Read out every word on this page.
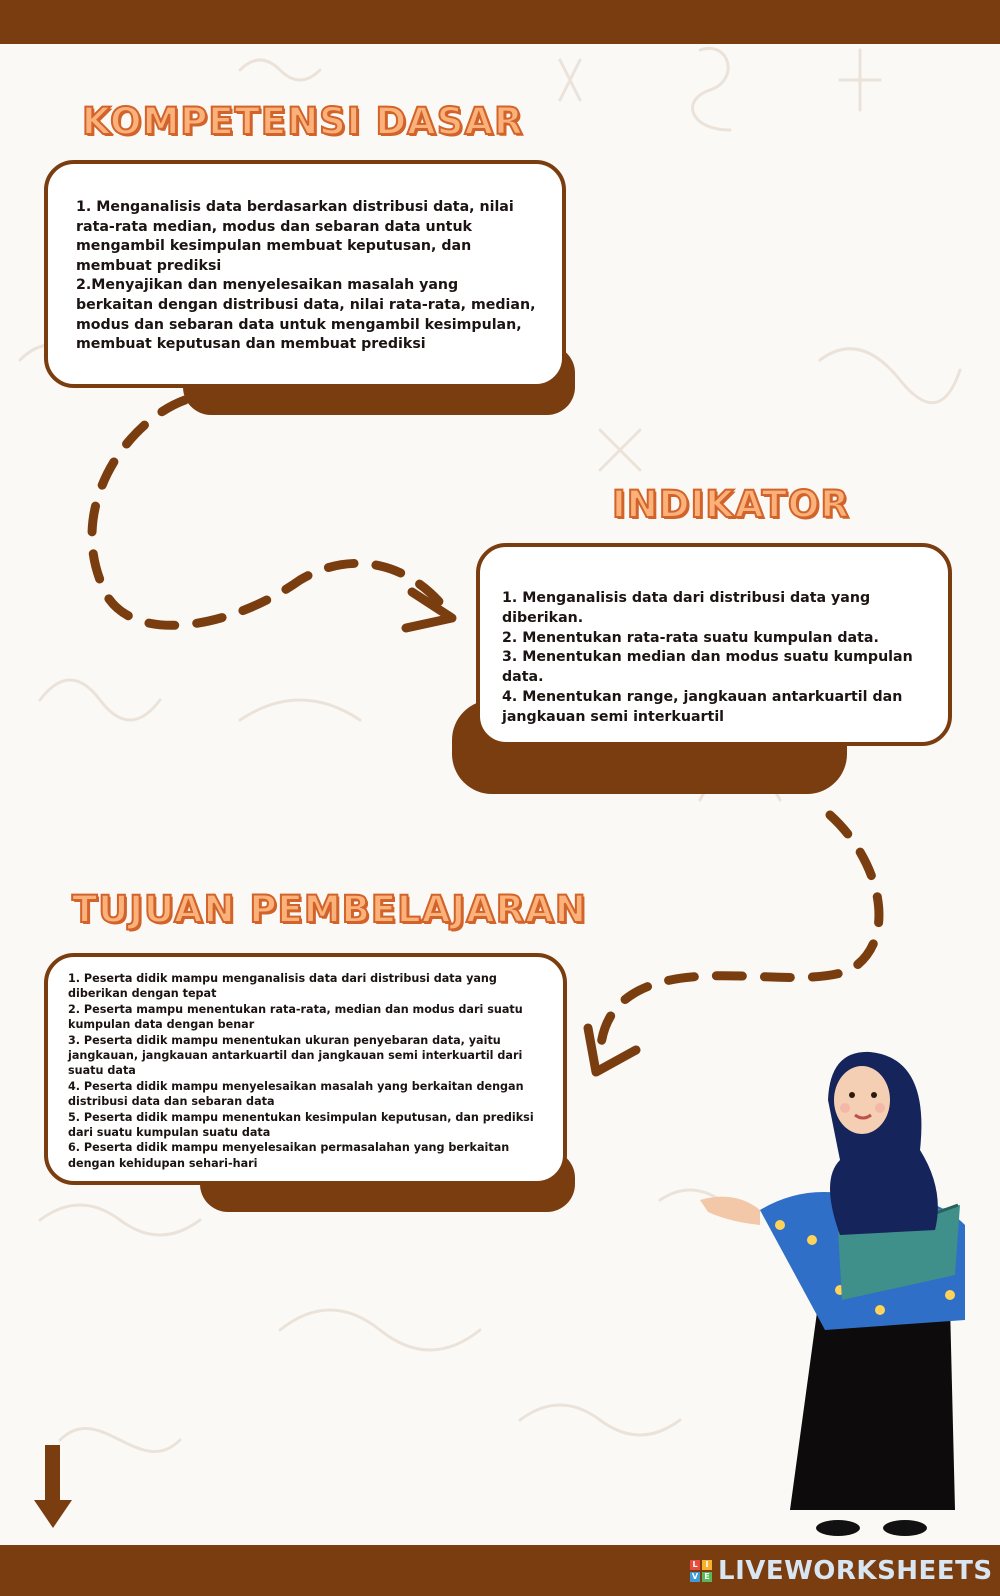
KOMPETENSI DASAR
1. Menganalisis data berdasarkan distribusi data, nilai rata-rata median, modus dan sebaran data untuk mengambil kesimpulan membuat keputusan, dan membuat prediksi
2.Menyajikan dan menyelesaikan masalah yang berkaitan dengan distribusi data, nilai rata-rata, median, modus dan sebaran data untuk mengambil kesimpulan, membuat keputusan dan membuat prediksi
INDIKATOR
1. Menganalisis data dari distribusi data yang diberikan.
2. Menentukan rata-rata suatu kumpulan data.
3. Menentukan median dan modus suatu kumpulan data.
4. Menentukan range, jangkauan antarkuartil dan jangkauan semi interkuartil
TUJUAN PEMBELAJARAN
1. Peserta didik mampu menganalisis data dari distribusi data yang diberikan dengan tepat
2. Peserta mampu menentukan rata-rata, median dan modus dari suatu kumpulan data dengan benar
3. Peserta didik mampu menentukan ukuran penyebaran data, yaitu jangkauan, jangkauan antarkuartil dan jangkauan semi interkuartil dari suatu data
4. Peserta didik mampu menyelesaikan masalah yang berkaitan dengan distribusi data dan sebaran data
5. Peserta didik mampu menentukan kesimpulan keputusan, dan prediksi dari suatu kumpulan suatu data
6. Peserta didik mampu menyelesaikan permasalahan yang berkaitan dengan kehidupan sehari-hari
L I
V E LIVEWORKSHEETS
